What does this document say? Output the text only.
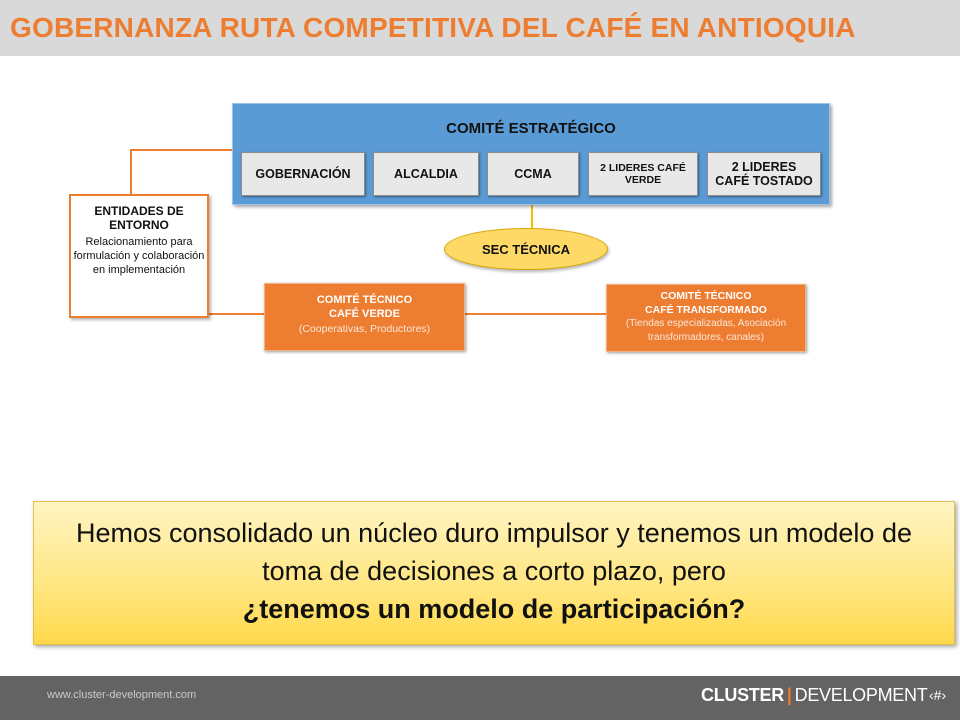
GOBERNANZA RUTA COMPETITIVA DEL CAFÉ EN ANTIOQUIA
COMITÉ ESTRATÉGICO
GOBERNACIÓN	ALCALDIA	CCMA	2 LIDERES CAFÉ VERDE
2 LIDERES CAFÉ TOSTADO
ENTIDADES DE ENTORNO
Relacionamiento para formulación y colaboración en implementación
SEC TÉCNICA
COMITÉ TÉCNICO
CAFÉ VERDE
(Cooperativas, Productores)
COMITÉ TÉCNICO
CAFÉ TRANSFORMADO
(Tiendas especializadas, Asociación transformadores, canales)
Hemos consolidado un núcleo duro impulsor y tenemos un modelo de toma de decisiones a corto plazo, pero
¿tenemos un modelo de participación?
www.cluster-development.com	CLUSTER | DEVELOPMENT ‹#›
